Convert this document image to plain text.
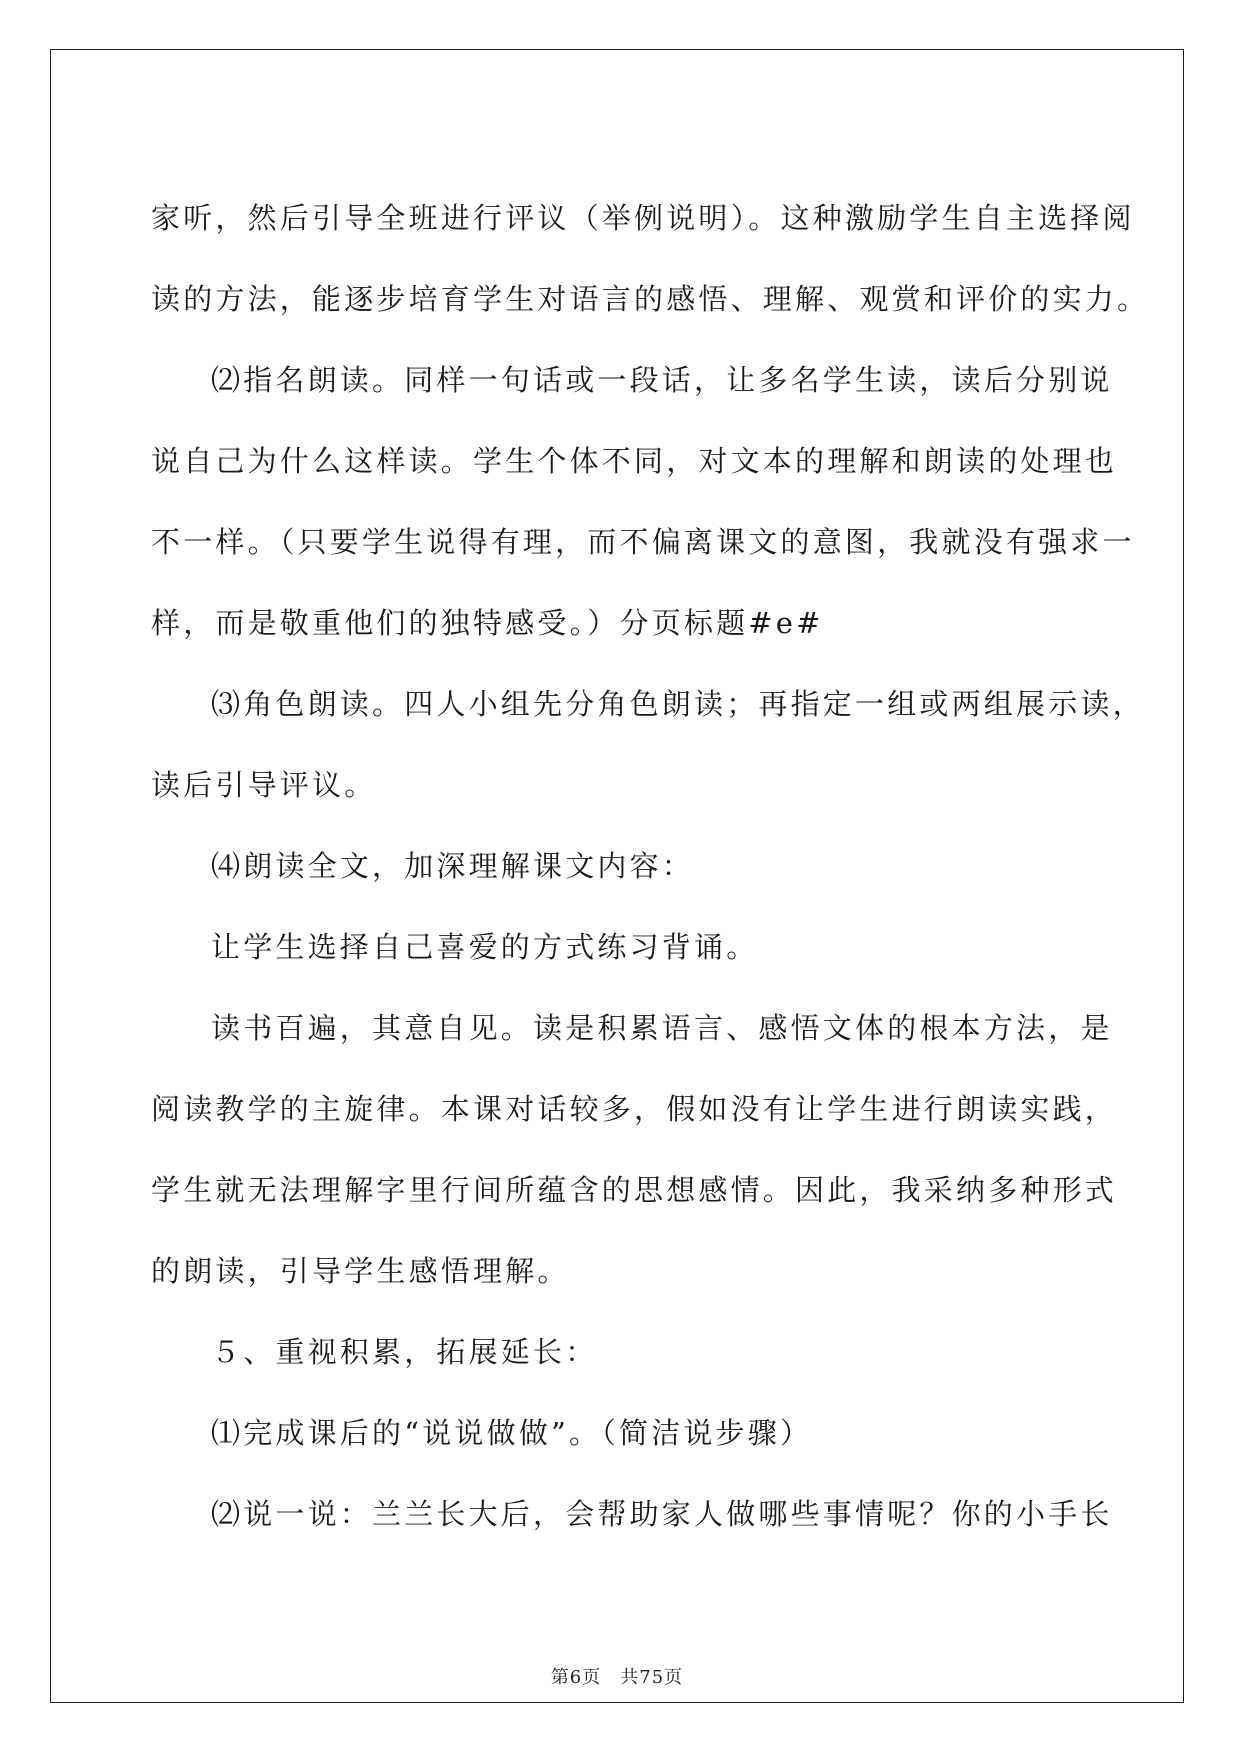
家听，然后引导全班进行评议（举例说明）。这种激励学生自主选择阅
读的方法，能逐步培育学生对语言的感悟、理解、观赏和评价的实力。
⑵指名朗读。同样一句话或一段话，让多名学生读，读后分别说
说自己为什么这样读。学生个体不同，对文本的理解和朗读的处理也
不一样。（只要学生说得有理，而不偏离课文的意图，我就没有强求一
样，而是敬重他们的独特感受。）分页标题#e#
⑶角色朗读。四人小组先分角色朗读；再指定一组或两组展示读，
读后引导评议。
⑷朗读全文，加深理解课文内容：
让学生选择自己喜爱的方式练习背诵。
读书百遍，其意自见。读是积累语言、感悟文体的根本方法，是
阅读教学的主旋律。本课对话较多，假如没有让学生进行朗读实践，
学生就无法理解字里行间所蕴含的思想感情。因此，我采纳多种形式
的朗读，引导学生感悟理解。
５、重视积累，拓展延长：
⑴完成课后的“说说做做”。（简洁说步骤）
⑵说一说：兰兰长大后，会帮助家人做哪些事情呢？你的小手长
第6页　共75页
